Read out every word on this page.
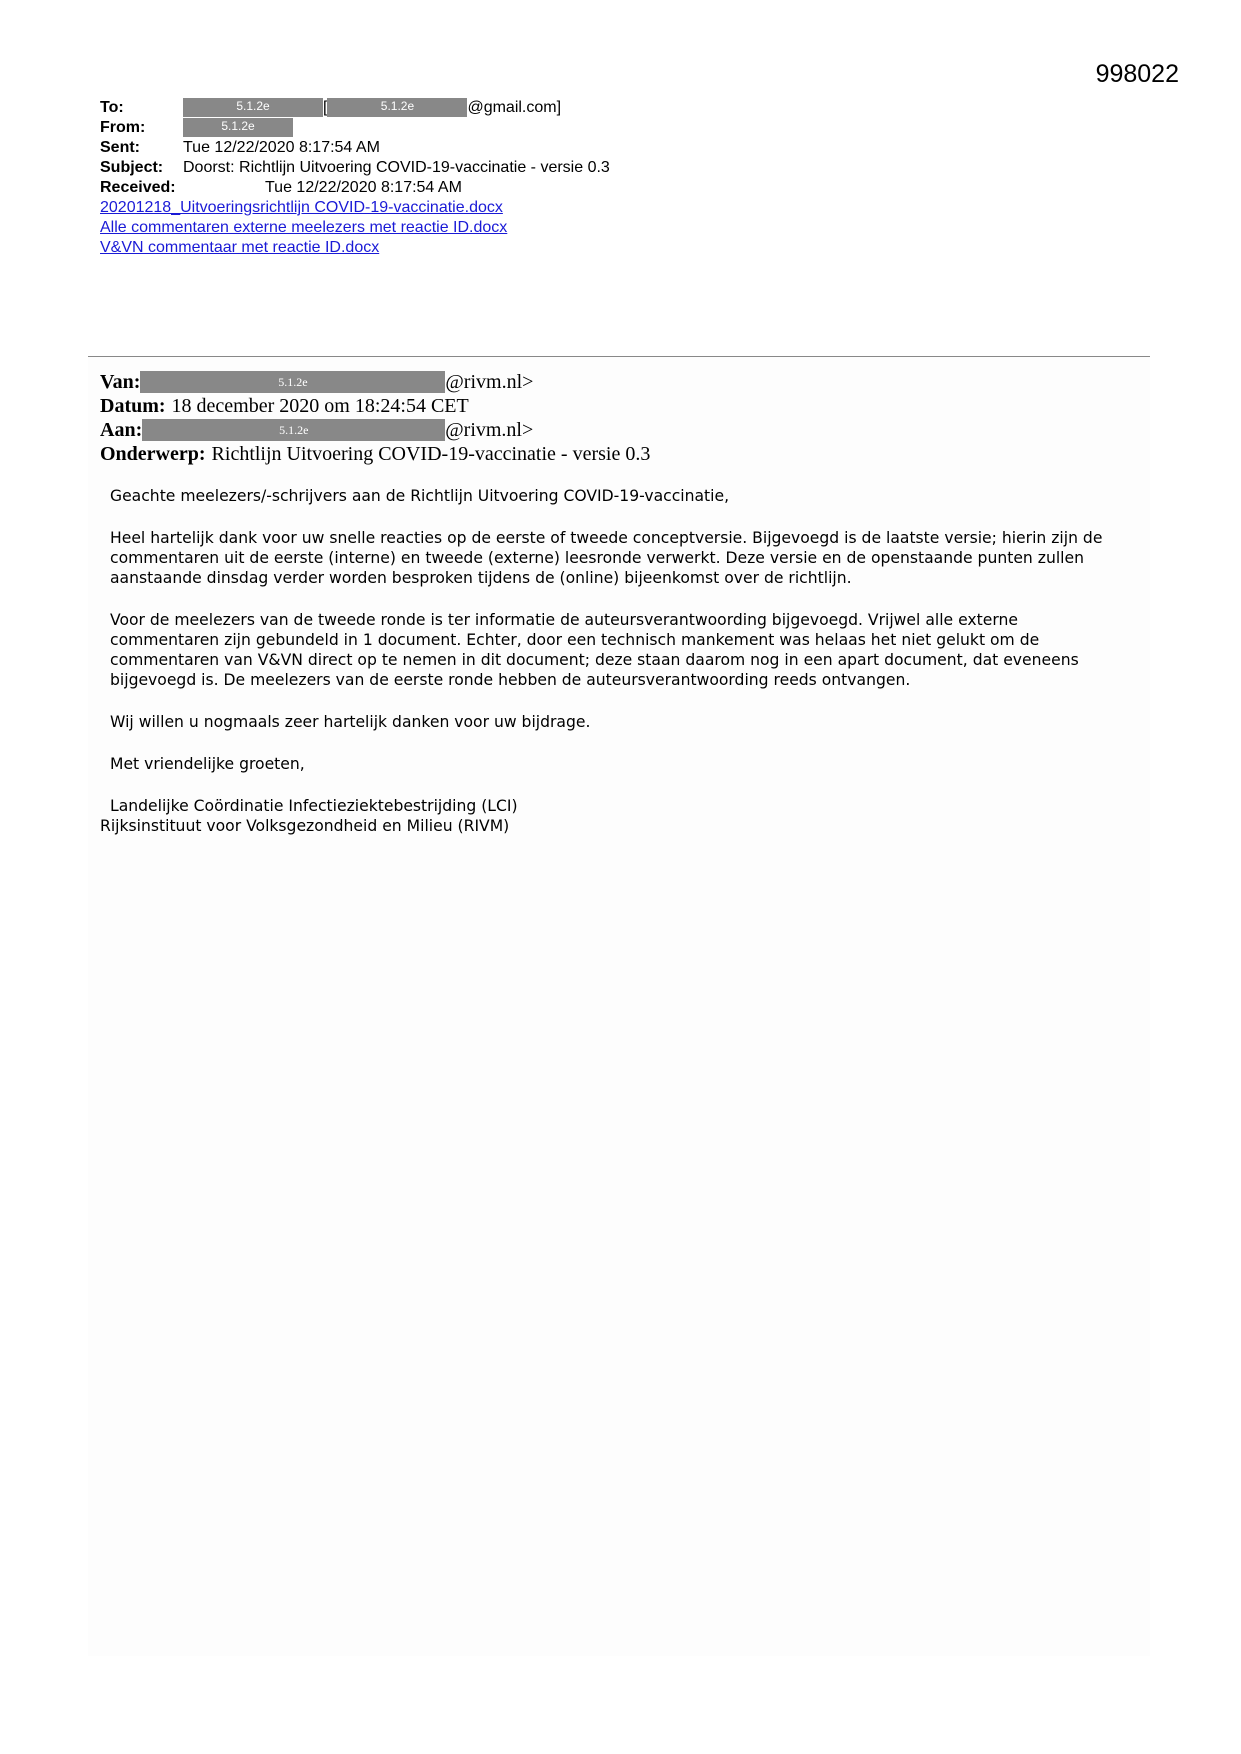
998022
To:	5.1.2e	[	5.1.2e	@gmail.com]
From:	5.1.2e
Sent:	Tue 12/22/2020 8:17:54 AM
Subject:	Doorst: Richtlijn Uitvoering COVID-19-vaccinatie - versie 0.3
Received:	Tue 12/22/2020 8:17:54 AM
20201218_Uitvoeringsrichtlijn COVID-19-vaccinatie.docx
Alle commentaren externe meelezers met reactie ID.docx
V&VN commentaar met reactie ID.docx
Van:	5.1.2e	@rivm.nl>
Datum: 18 december 2020 om 18:24:54 CET
Aan:	5.1.2e	@rivm.nl>
Onderwerp: Richtlijn Uitvoering COVID-19-vaccinatie - versie 0.3

Geachte meelezers/-schrijvers aan de Richtlijn Uitvoering COVID-19-vaccinatie,

Heel hartelijk dank voor uw snelle reacties op de eerste of tweede conceptversie. Bijgevoegd is de laatste versie; hierin zijn de commentaren uit de eerste (interne) en tweede (externe) leesronde verwerkt. Deze versie en de openstaande punten zullen aanstaande dinsdag verder worden besproken tijdens de (online) bijeenkomst over de richtlijn.

Voor de meelezers van de tweede ronde is ter informatie de auteursverantwoording bijgevoegd. Vrijwel alle externe commentaren zijn gebundeld in 1 document. Echter, door een technisch mankement was helaas het niet gelukt om de commentaren van V&VN direct op te nemen in dit document; deze staan daarom nog in een apart document, dat eveneens bijgevoegd is. De meelezers van de eerste ronde hebben de auteursverantwoording reeds ontvangen.

Wij willen u nogmaals zeer hartelijk danken voor uw bijdrage.

Met vriendelijke groeten,

Landelijke Coördinatie Infectieziektebestrijding (LCI)
Rijksinstituut voor Volksgezondheid en Milieu (RIVM)
